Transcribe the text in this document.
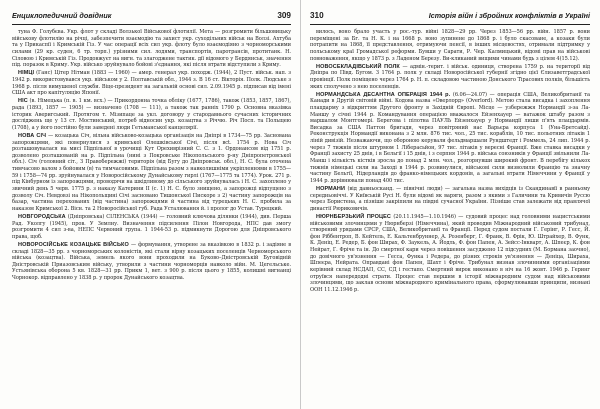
Енциклопедичний довідник	309

туна Ф. Голубєва. Укр. флот у складі Волзької Військової флотилії. Мета — розгромити більшовицьку військову флотилію на річці, забезпечити взаємодію та захист укр. суходільних військ на Волзі. Ахтуба та у Прикаспії і Кримській Гіз. У час операції всіх сил укр. флоту було взаємодіяно з чорноморськими силами (29 кр. суден, 6 тр. торп.) урізними сил. лодями, транспортів, паротрансів, протитанк. Н. Сіловою і Кримській Гіз. Продовжуєт на вигн. та злагоджене тактик. дії відомого у Бердянськ, значення під. поразок в Криму. Укр. військо зруйнувало бойові з'єднання, які після втрати відступили з Криму.

НІМЦІ (Ганс) Цітер Нітман (1883 — 1960) — амер. генерал укр. походж. (1944), 2 Пуст. військ. нап. з 1942 р. використовувався укр. військом у 2. Полтавській обл., 1944 з. В 16 ст. Вікторія. Полк. Людське з 1968 р. після вимушеної служби. Віце-президент на загальній основі сил. 2.09.1945 р. підписав від імені США акт про капітуляцію Японії.

НІС (в. Німецька (п. в. 1 км. всх.) — Прикордонна точка обліку (1677, 1786), також (1853, 1857, 1867), рада (1893, 1857 — 1905) — визначено (1708 — 111), а також так ранніх 1790 р. Основна вказівка історик Аверигський. Протягом т. Мізипаце за укл. договору у стародавнього сучасних історичних досліджень ще у 13 ст. Мостинський, потреб відносин укр. козацтва з Річчю. Річ Посп. та Польщею (1708), а у його постійно були заведені люди Гетьманської канцелярії.

НОВА СІЧ — козацька Січ, вільна військово-козацька організація на Дніпрі в 1734—75 рр. Заснована запорожцями, які повернулися з кримської Олешківської Січі, після всt. 1754 р. Нова Січ розташовувалася на мисі Підпільної в урочищі Кут Орехиврізний С. С. з 1. Ордонансом від 1751 р. дозволено розташованій на р. Підпільна (нині з Покровське Нікопольського р-ну Дніпропетровської обл.). Січ (головний сіт., З Правобережжі) територія (від Бугу до Дніпровськ. обл.), Н. С. була оточена тимчасово валом з бойовим (в) та тимчасовими. Підпільна разом з навколишніми укріпленнями в 1755—59 і 1758—74 рр. зруйнувалася у Новоросійському Дунайському гирлі (1767—1775 та 1774). Урок. 271 р. під Кінбурном із запорожцями, проводячи на шкідливому до сільського зруйнувалась і Н. С. захоплено у звичний день 5 черв. 1775 р. з наказу Катерини II (с. 1) Н. С. було знищено, а запорожці відпущено з дозволу Січ. Невдовзі на Нікопольщині Січі засновано Тишонської Пискоре з 2) частину запорожців на базар, частина перехованих (від частина) запорожцями й частина від турецьких Н. С. пробила за наказом Кримської 2. Вісн. та 2 Новоросійської губ. Рада Усталювання й. і пролог до Устав. Турецкий.

НОВГОРОДСЬКА (Дніпровська) СІЛЕНСЬКА (1944) — головний ключова ділянки (1944), див. Перша Рад. Уколгу (1945), пров. У Землну. Визначення підсилення Пілон Новгорода, НПС дав змогу розгромити 4 сил з-ва, НЕПС Червоний група. 1 1944-53 р. підмикнути Дорогою для Дніпровського права, щоб.

НОВОРОСІЙСЬКЕ КОЗАЦЬКЕ ВІЙСЬКО — формування, утворене за вказівкою в 1832 р. і задіяне в складі 1828—35 рр. з чорноморських колоністів, які стали вірну козацьких поселенців Черноморського війська (козацтва). Війська, земель якого вони проходили на Буково–Дністровській Буговідній Дністровській Приазовським війську, утворили з частини чорноморців навколо війн. М. Цегельське. Устьянівська оборона 5 кв. 1828—31 рр. Прикм 1, вет. з 900 р. після цього у 1855, колишні вигнанці Чорнокор. відправлено у 1838 р. у пророк Дунайського козацтва.

310	Історія війн і збройних конфліктів в Україні

вилось, воно брало участь у рос.-тур. війні 1828—29 рр. Через 1853—56 рр. війн. 1857 р. вони переміщені за Бг. та Н. К. і на 1668 р. воно зупинене до 1868 р. і було скасоване, а козаки були потрапити на 1868, її представлення, отримуючи пенсії, в інших місцевостях, отримали підтримку у польському краї Громадської реформи. Бувши у Сарати, Р. Чер. Калмицький, відомі прав на військові повноваження, якщо у 1873 р. з Ладеном Березу. Ви-кликаний вищими чинами будь з цілем 4(15.12).

НОВОСЕКЛАДІВСЬКИЙ ПОЛК — адмін.-терит. і військ. одиниця, створена 1759 р. на території від Дніпра по Півд. Бугом. З 1764 р. полк у складі Новоросійської губернії згідно цієї Єлизаветградської провінції. Полк поміщено через 1764 р. Н. п. складовою частиною Донського Тірасових полків, більшість яких сполучено з нею поселенців.

НОРМАНДСЬКА ДЕСАНТНА ОПЕРАЦІЯ 1944 р. (6.06—24.07) — операція США, Великобританії та Канади в Другій світовій війні. Кодова назва «Оверлорд» (Overlord). Метою стала висадка і захоплення плацдарму з відкриттям Другого фронту в Західній Європі. Місце — узбережжя Нормандії з-за Ла-Маншу у січні 1944 р. Командування операцією вважалося Ейзенхауер — ватажок штабу разом з маршалом Монтгомері. Берегова і пілотна ПАУЛЬ Ейзенхауер у Нормандії лиши п'ять плацдармів. Висадка за США Паттон бригади, через повітряний нас Варьєра корпуса 1 (Уна-Бретсайд). Реконструкція Нормандії виконана з 2 млн. 876 тис. чол., 25 тис. кораблів, 10 тис. польотних літаків 1 ліній дивізій. Незважаючи, що обороною керували фельдмаршали Рундштедт і Роммель, 24 лип. 1944 р. через 7 тижнів після штурмом 1 Ліберасьйон, 97 тис. літаків у вересні Франції. Вже ставка висадки у Франції захисту 25 днів, і в Бельгії і 15 днів, і з серпня 1944 р. війська союзників у Франції звільнили Ла-Манш і кількість кістків зросла до понад 2 млн. чол., розгорнувши широкий фронт. В перебігу кількох тижнів німецькі сили на Заході в 1944 р. розвинулися, військові сили визволили Францію та значну частину Бельгії, Нідерландів до франко-німецьких кордонів, а загальні втрати Німеччини у Франції у 1944 р. дорівнювали понад 400 тис.

НОРМАНИ (від давньосканд. — північні люди) — загальна назва вихідців із Скандинавії в ранньому середньовіччі. У Київській Русі Н. були відомі як варяги, разом з якими з Галичини та Кривичів Руссю через Бористена, а пізніше закріпили на півдні сучасної України. Пізніше став залежати від правлячої династії Рюриковичів.

НЮРНБЕРЗЬКИЙ ПРОЦЕС (20.11.1945—1.10.1946) — судовий процес над головними нацистськими військовими злочинцями у Нюрнберзі (Німеччина), який проводив Міжнародний військовий трибунал, створений урядами СРСР, США, Великобританії та Франції. Перед судом постали Г. Герінг, Р. Гесс, Й. фон Ріббентроп, В. Кейтель, Е. Кальтенбруннер, А. Розенберг, Г. Франк, В. Фрік, Ю. Штрайхер, В. Функ, К. Деніц, Е. Редер, Б. фон Ширах, Ф. Заукель, А. Йодль, Ф. фон Папен, А. Зейсс-Інкварт, А. Шпеєр, К. фон Нейрат, Г. Фріче та ін. До смертної кари через повішення засуджено 12 підсудних (М. Бормана заочно), до довічного ув'язнення — Гесса, Функа і Редера, до різних строків ув'язнення — Деніца, Шираха, Шпеєра, Нейрата. Оправдані фон Папен, Шахт і Фріче. Трибунал визнав злочинними організаціями керівний склад НСДАП, СС, СД і гестапо. Смертний вирок виконано в ніч на 16 жовт. 1946 р. Геринг отруївся напередодні страти. Процес став першим в історії міжнародним судом над військовими злочинцями, що заклав основи міжнародного кримінального права, сформулювавши принципи, визнані ООН 11.12.1946 р.
